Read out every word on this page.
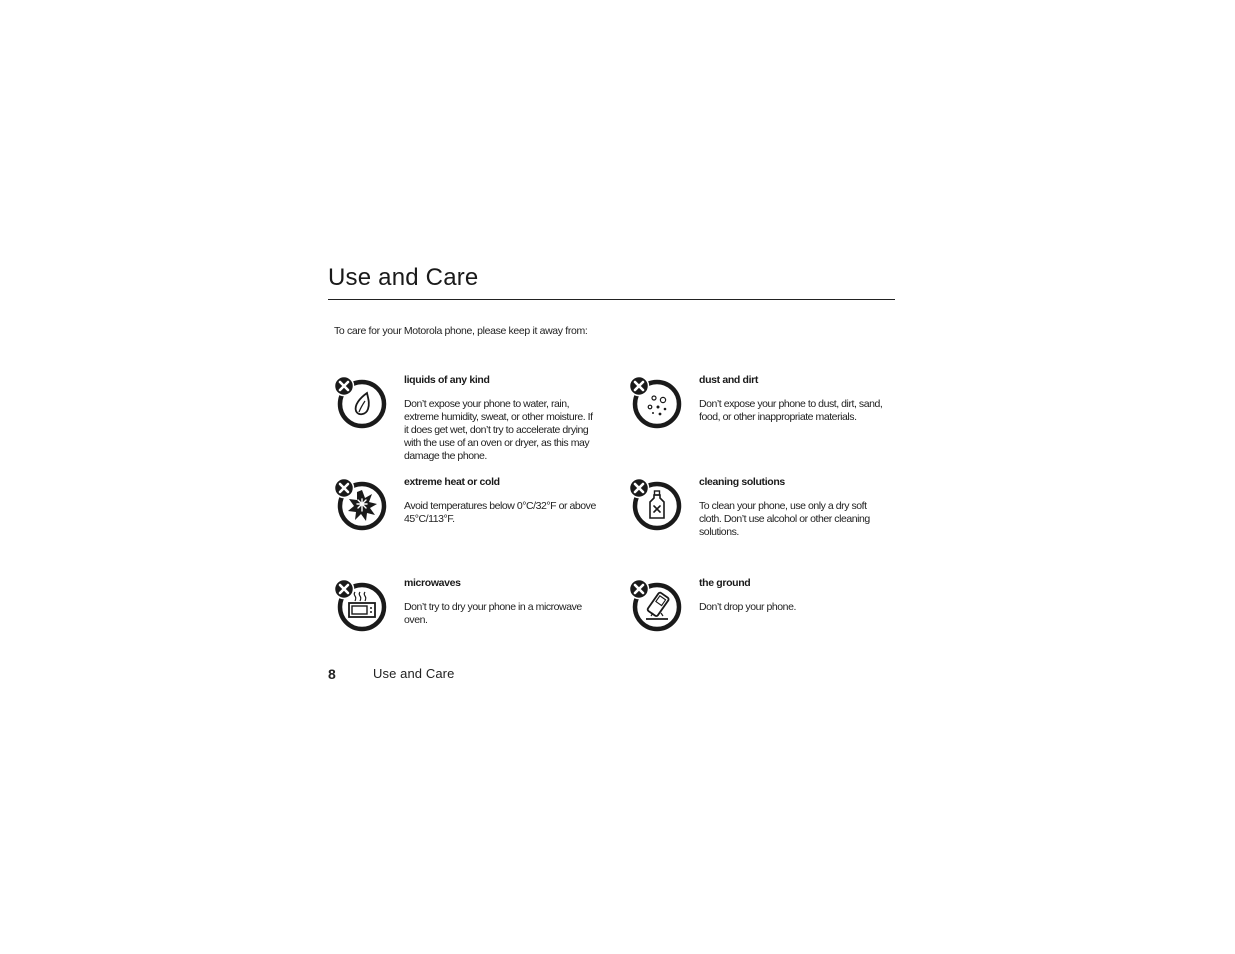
Use and Care
To care for your Motorola phone, please keep it away from:
liquids of any kind
Don’t expose your phone to water, rain, extreme humidity, sweat, or other moisture. If it does get wet, don’t try to accelerate drying with the use of an oven or dryer, as this may damage the phone.
dust and dirt
Don’t expose your phone to dust, dirt, sand, food, or other inappropriate materials.
extreme heat or cold
Avoid temperatures below 0°C/32°F or above 45°C/113°F.
cleaning solutions
To clean your phone, use only a dry soft cloth. Don’t use alcohol or other cleaning solutions.
microwaves
Don’t try to dry your phone in a microwave oven.
the ground
Don’t drop your phone.
8	Use and Care
